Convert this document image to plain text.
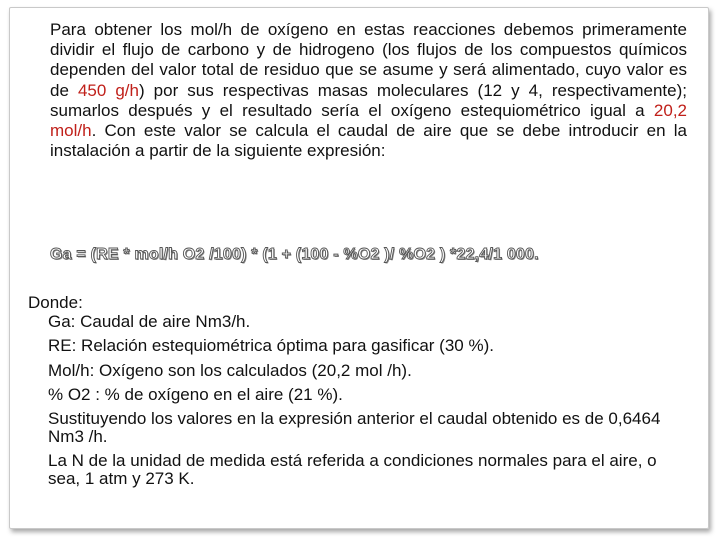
Para obtener los mol/h de oxígeno en estas reacciones debemos primeramente dividir el flujo de carbono y de hidrogeno (los flujos de los compuestos químicos dependen del valor total de residuo que se asume y será alimentado, cuyo valor es de 450 g/h) por sus respectivas masas moleculares (12 y 4, respectivamente); sumarlos después y el resultado sería el oxígeno estequiométrico igual a 20,2 mol/h. Con este valor se calcula el caudal de aire que se debe introducir en la instalación a partir de la siguiente expresión:

Ga = (RE * mol/h O2 /100) * (1 + (100 - %O2 )/ %O2 ) *22,4/1 000.

Donde:

Ga: Caudal de aire Nm3/h.
RE: Relación estequiométrica óptima para gasificar (30 %).
Mol/h: Oxígeno son los calculados (20,2 mol /h).
% O2 : % de oxígeno en el aire (21 %).
Sustituyendo los valores en la expresión anterior el caudal obtenido es de 0,6464 Nm3 /h.
La N de la unidad de medida está referida a condiciones normales para el aire, o sea, 1 atm y 273 K.
